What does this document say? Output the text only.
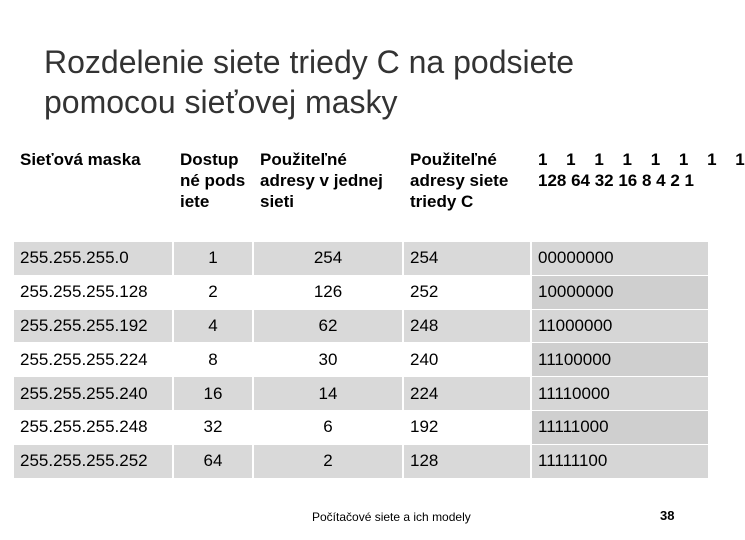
Rozdelenie siete triedy C na podsiete pomocou sieťovej masky
Sieťová maska	Dostupné podsiete	Použiteľné adresy v jednej sieti	Použiteľné adresy siete triedy C	1 1 1 1 1 1 1 1
128 64 32 16 8 4 2 1

255.255.255.0	1	254	254	00000000
255.255.255.128	2	126	252	10000000
255.255.255.192	4	62	248	11000000
255.255.255.224	8	30	240	11100000
255.255.255.240	16	14	224	11110000
255.255.255.248	32	6	192	11111000
255.255.255.252	64	2	128	11111100
Počítačové siete a ich modely	38
